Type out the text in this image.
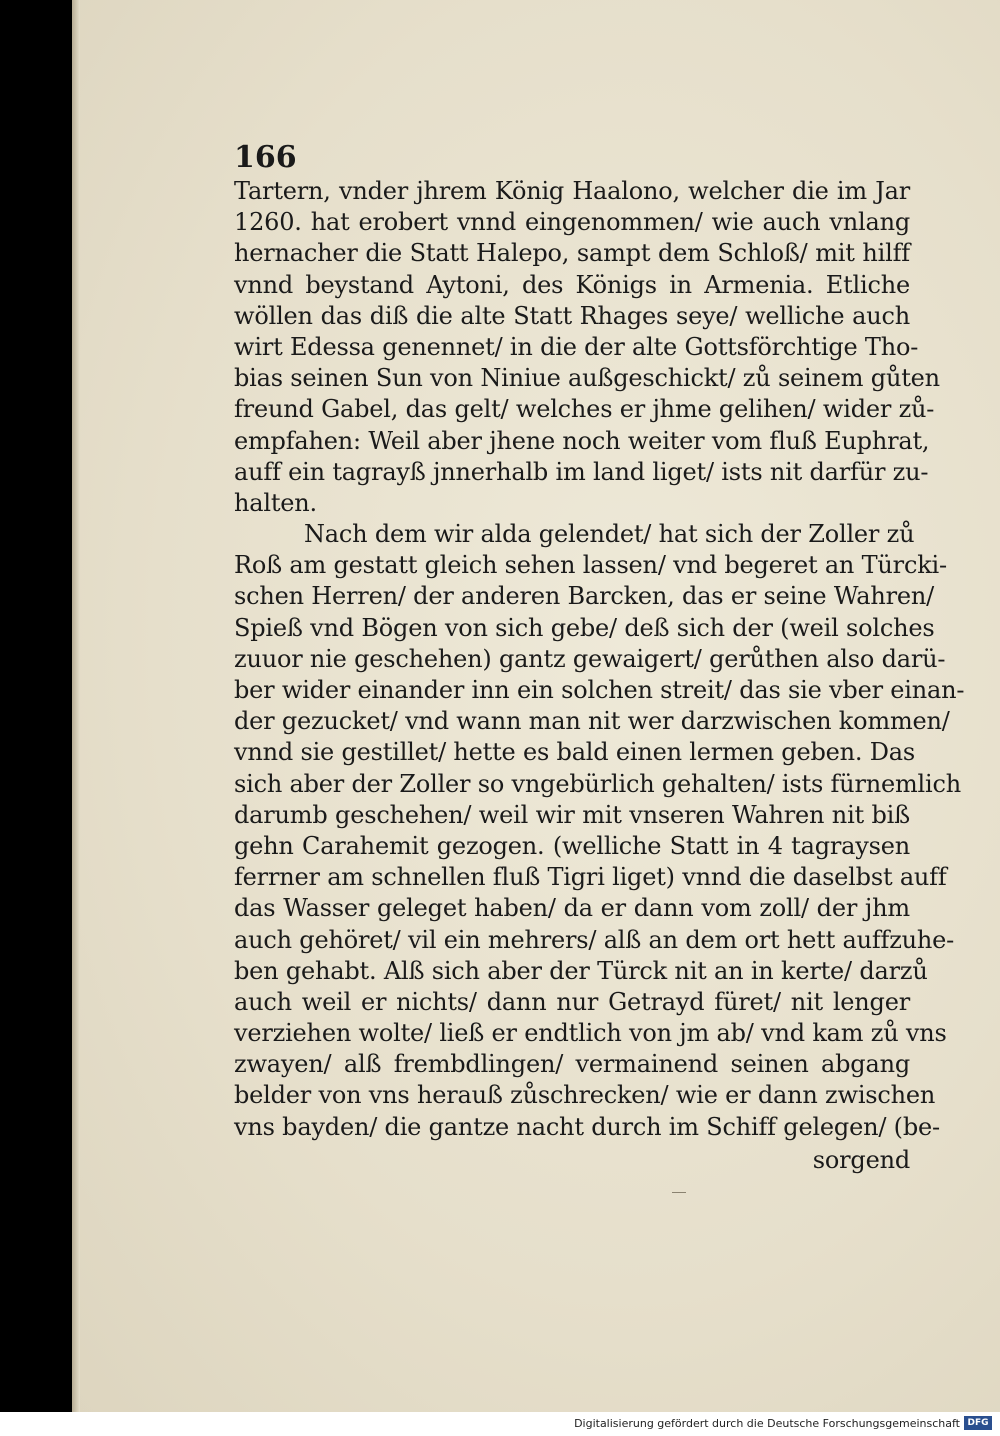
166
Tartern, vnder jhrem König Haalono, welcher die im Jar
1260. hat erobert vnnd eingenommen/ wie auch vnlang
hernacher die Statt Halepo, sampt dem Schloß/ mit hilff
vnnd beystand Aytoni, des Königs in Armenia. Etliche
wöllen das diß die alte Statt Rhages seye/ welliche auch
wirt Edessa genennet/ in die der alte Gottsförchtige Tho-
bias seinen Sun von Niniue außgeschickt/ zů seinem gůten
freund Gabel, das gelt/ welches er jhme gelihen/ wider zů-
empfahen: Weil aber jhene noch weiter vom fluß Euphrat,
auff ein tagrayß jnnerhalb im land liget/ ists nit darfür zu-
halten.
Nach dem wir alda gelendet/ hat sich der Zoller zů
Roß am gestatt gleich sehen lassen/ vnd begeret an Türcki-
schen Herren/ der anderen Barcken, das er seine Wahren/
Spieß vnd Bögen von sich gebe/ deß sich der (weil solches
zuuor nie geschehen) gantz gewaigert/ gerůthen also darü-
ber wider einander inn ein solchen streit/ das sie vber einan-
der gezucket/ vnd wann man nit wer darzwischen kommen/
vnnd sie gestillet/ hette es bald einen lermen geben. Das
sich aber der Zoller so vngebürlich gehalten/ ists fürnemlich
darumb geschehen/ weil wir mit vnseren Wahren nit biß
gehn Carahemit gezogen. (welliche Statt in 4 tagraysen
ferrner am schnellen fluß Tigri liget) vnnd die daselbst auff
das Wasser geleget haben/ da er dann vom zoll/ der jhm
auch gehöret/ vil ein mehrers/ alß an dem ort hett auffzuhe-
ben gehabt. Alß sich aber der Türck nit an in kerte/ darzů
auch weil er nichts/ dann nur Getrayd füret/ nit lenger
verziehen wolte/ ließ er endtlich von jm ab/ vnd kam zů vns
zwayen/ alß frembdlingen/ vermainend seinen abgang
belder von vns herauß zůschrecken/ wie er dann zwischen
vns bayden/ die gantze nacht durch im Schiff gelegen/ (be-
sorgend
Digitalisierung gefördert durch die Deutsche Forschungsgemeinschaft DFG
